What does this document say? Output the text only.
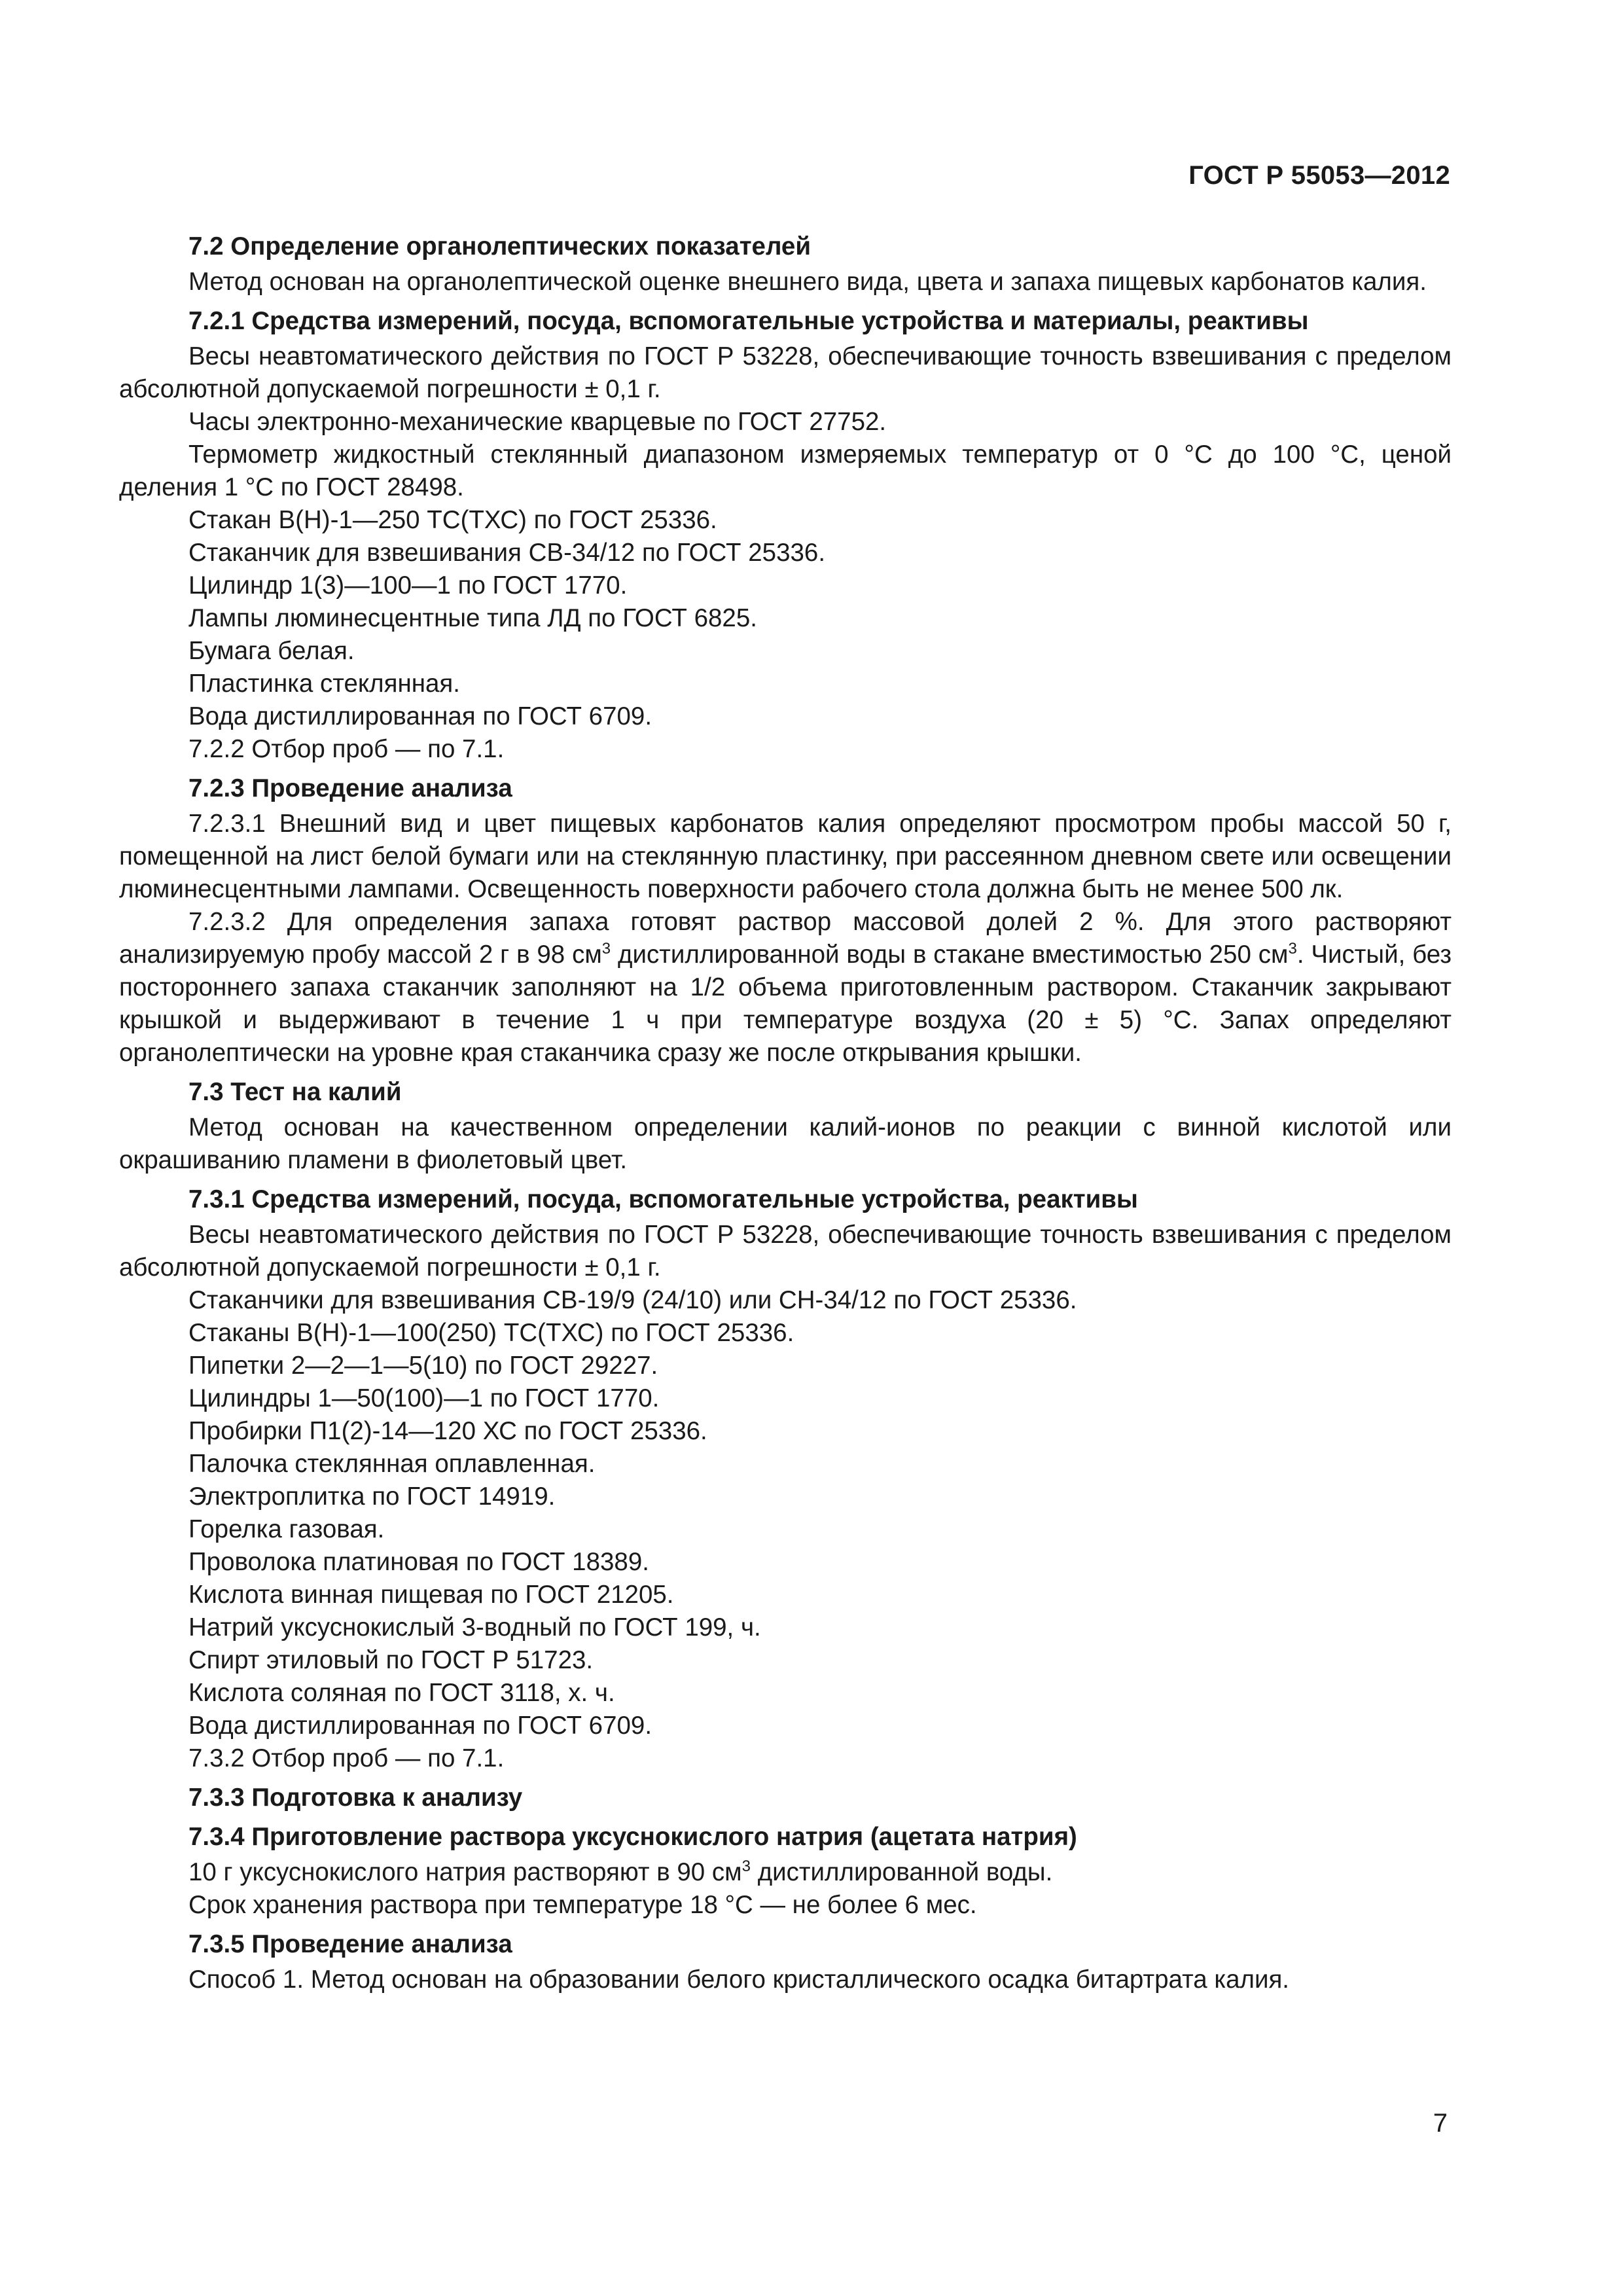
ГОСТ Р 55053—2012

7.2 Определение органолептических показателей

Метод основан на органолептической оценке внешнего вида, цвета и запаха пищевых карбонатов калия.

7.2.1 Средства измерений, посуда, вспомогательные устройства и материалы, реактивы

Весы неавтоматического действия по ГОСТ Р 53228, обеспечивающие точность взвешивания с пределом абсолютной допускаемой погрешности ± 0,1 г.

Часы электронно-механические кварцевые по ГОСТ 27752.

Термометр жидкостный стеклянный диапазоном измеряемых температур от 0 °С до 100 °С, ценой деления 1 °С по ГОСТ 28498.

Стакан В(Н)-1—250 ТС(ТХС) по ГОСТ 25336.

Стаканчик для взвешивания СВ-34/12 по ГОСТ 25336.

Цилиндр 1(3)—100—1 по ГОСТ 1770.

Лампы люминесцентные типа ЛД по ГОСТ 6825.

Бумага белая.

Пластинка стеклянная.

Вода дистиллированная по ГОСТ 6709.

7.2.2 Отбор проб — по 7.1.

7.2.3 Проведение анализа

7.2.3.1 Внешний вид и цвет пищевых карбонатов калия определяют просмотром пробы массой 50 г, помещенной на лист белой бумаги или на стеклянную пластинку, при рассеянном дневном свете или освещении люминесцентными лампами. Освещенность поверхности рабочего стола должна быть не менее 500 лк.

7.2.3.2 Для определения запаха готовят раствор массовой долей 2 %. Для этого растворяют анализируемую пробу массой 2 г в 98 $см^3$ дистиллированной воды в стакане вместимостью 250 $см^3$. Чистый, без постороннего запаха стаканчик заполняют на 1/2 объема приготовленным раствором. Стаканчик закрывают крышкой и выдерживают в течение 1 ч при температуре воздуха (20 ± 5) °С. Запах определяют органолептически на уровне края стаканчика сразу же после открывания крышки.

7.3 Тест на калий

Метод основан на качественном определении калий-ионов по реакции с винной кислотой или окрашиванию пламени в фиолетовый цвет.

7.3.1 Средства измерений, посуда, вспомогательные устройства, реактивы

Весы неавтоматического действия по ГОСТ Р 53228, обеспечивающие точность взвешивания с пределом абсолютной допускаемой погрешности ± 0,1 г.

Стаканчики для взвешивания СВ-19/9 (24/10) или СН-34/12 по ГОСТ 25336.

Стаканы В(Н)-1—100(250) ТС(ТХС) по ГОСТ 25336.

Пипетки 2—2—1—5(10) по ГОСТ 29227.

Цилиндры 1—50(100)—1 по ГОСТ 1770.

Пробирки П1(2)-14—120 ХС по ГОСТ 25336.

Палочка стеклянная оплавленная.

Электроплитка по ГОСТ 14919.

Горелка газовая.

Проволока платиновая по ГОСТ 18389.

Кислота винная пищевая по ГОСТ 21205.

Натрий уксуснокислый 3-водный по ГОСТ 199, ч.

Спирт этиловый по ГОСТ Р 51723.

Кислота соляная по ГОСТ 3118, х. ч.

Вода дистиллированная по ГОСТ 6709.

7.3.2 Отбор проб — по 7.1.

7.3.3 Подготовка к анализу

7.3.4 Приготовление раствора уксуснокислого натрия (ацетата натрия)

10 г уксуснокислого натрия растворяют в 90 $см^3$ дистиллированной воды.

Срок хранения раствора при температуре 18 °С — не более 6 мес.

7.3.5 Проведение анализа

Способ 1. Метод основан на образовании белого кристаллического осадка битартрата калия.

7
